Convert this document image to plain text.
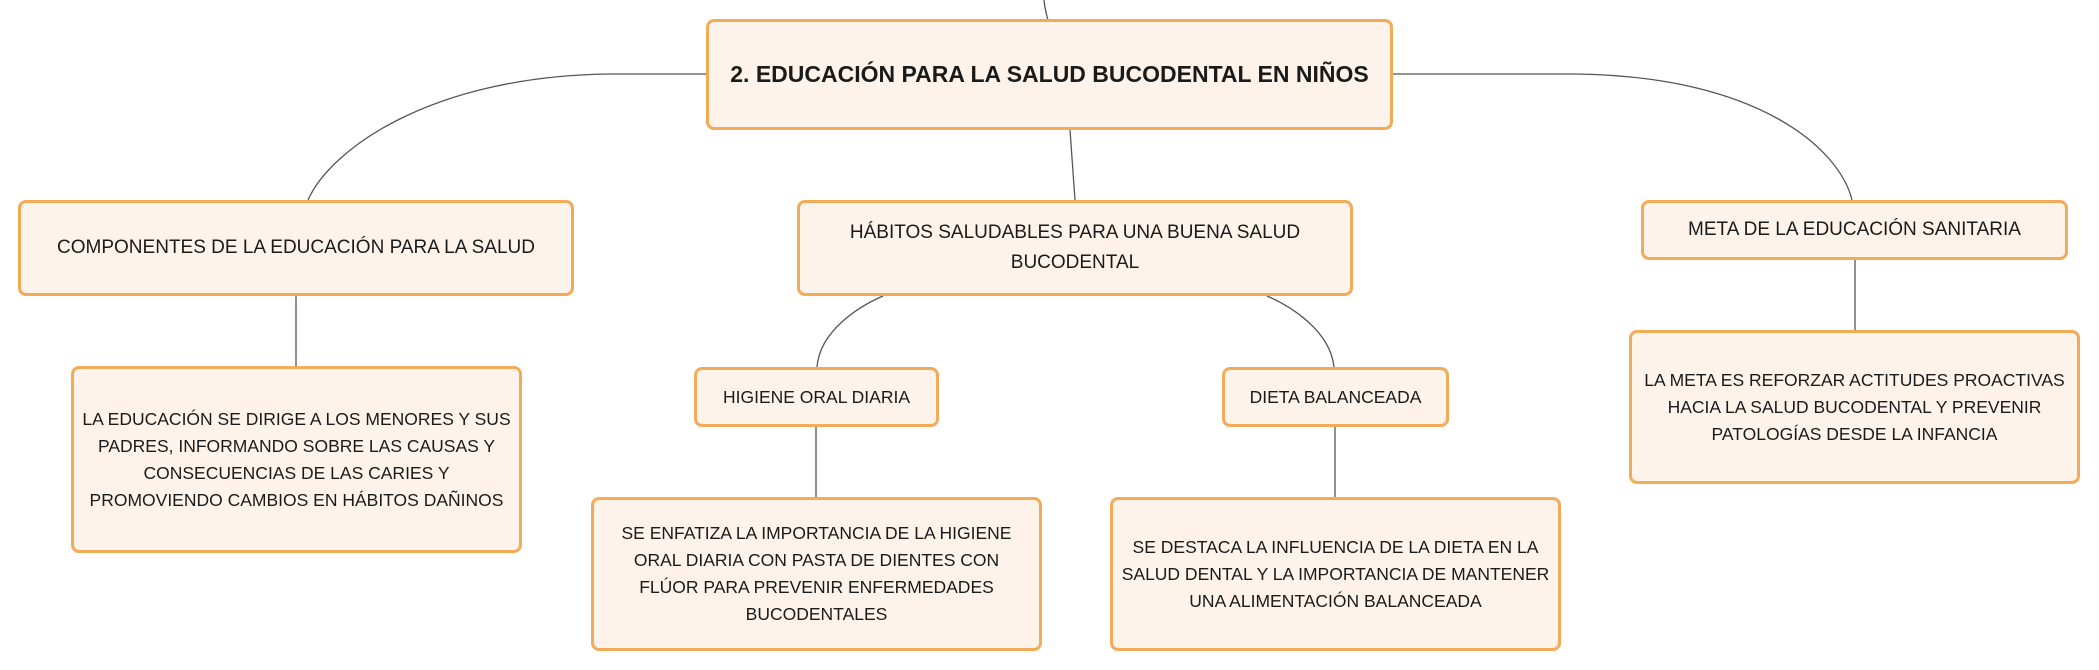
2. EDUCACIÓN PARA LA SALUD BUCODENTAL EN NIÑOS
COMPONENTES DE LA EDUCACIÓN PARA LA SALUD
LA EDUCACIÓN SE DIRIGE A LOS MENORES Y SUS PADRES, INFORMANDO SOBRE LAS CAUSAS Y CONSECUENCIAS DE LAS CARIES Y PROMOVIENDO CAMBIOS EN HÁBITOS DAÑINOS
HÁBITOS SALUDABLES PARA UNA BUENA SALUD BUCODENTAL
HIGIENE ORAL DIARIA	DIETA BALANCEADA
SE ENFATIZA LA IMPORTANCIA DE LA HIGIENE ORAL DIARIA CON PASTA DE DIENTES CON FLÚOR PARA PREVENIR ENFERMEDADES BUCODENTALES
SE DESTACA LA INFLUENCIA DE LA DIETA EN LA SALUD DENTAL Y LA IMPORTANCIA DE MANTENER UNA ALIMENTACIÓN BALANCEADA
META DE LA EDUCACIÓN SANITARIA
LA META ES REFORZAR ACTITUDES PROACTIVAS HACIA LA SALUD BUCODENTAL Y PREVENIR PATOLOGÍAS DESDE LA INFANCIA
